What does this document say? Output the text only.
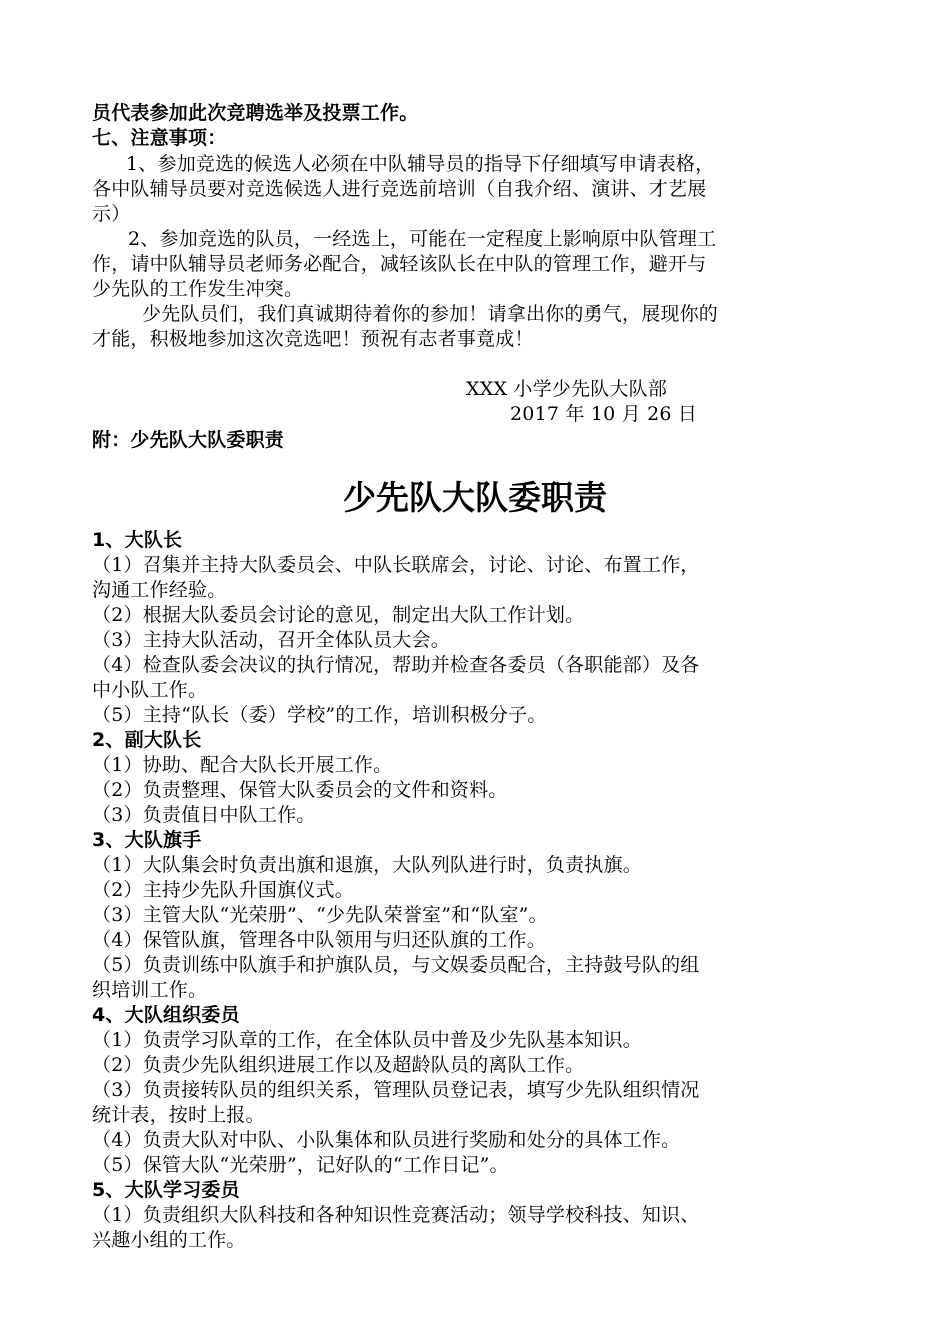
员代表参加此次竞聘选举及投票工作。
七、注意事项：
1、参加竞选的候选人必须在中队辅导员的指导下仔细填写申请表格，
各中队辅导员要对竞选候选人进行竞选前培训（自我介绍、演讲、才艺展
示）
2、参加竞选的队员，一经选上，可能在一定程度上影响原中队管理工
作，请中队辅导员老师务必配合，减轻该队长在中队的管理工作，避开与
少先队的工作发生冲突。
少先队员们，我们真诚期待着你的参加！请拿出你的勇气，展现你的
才能，积极地参加这次竞选吧！预祝有志者事竟成！
XXX 小学少先队大队部
2017 年 10 月 26 日
附：少先队大队委职责
少先队大队委职责
1、大队长
（1）召集并主持大队委员会、中队长联席会，讨论、讨论、布置工作，
沟通工作经验。
（2）根据大队委员会讨论的意见，制定出大队工作计划。
（3）主持大队活动，召开全体队员大会。
（4）检查队委会决议的执行情况，帮助并检查各委员（各职能部）及各
中小队工作。
（5）主持“队长（委）学校”的工作，培训积极分子。
2、副大队长
（1）协助、配合大队长开展工作。
（2）负责整理、保管大队委员会的文件和资料。
（3）负责值日中队工作。
3、大队旗手
（1）大队集会时负责出旗和退旗，大队列队进行时，负责执旗。
（2）主持少先队升国旗仪式。
（3）主管大队“光荣册”、“少先队荣誉室”和“队室”。
（4）保管队旗，管理各中队领用与归还队旗的工作。
（5）负责训练中队旗手和护旗队员，与文娱委员配合，主持鼓号队的组
织培训工作。
4、大队组织委员
（1）负责学习队章的工作，在全体队员中普及少先队基本知识。
（2）负责少先队组织进展工作以及超龄队员的离队工作。
（3）负责接转队员的组织关系，管理队员登记表，填写少先队组织情况
统计表，按时上报。
（4）负责大队对中队、小队集体和队员进行奖励和处分的具体工作。
（5）保管大队“光荣册”，记好队的“工作日记”。
5、大队学习委员
（1）负责组织大队科技和各种知识性竞赛活动；领导学校科技、知识、
兴趣小组的工作。
